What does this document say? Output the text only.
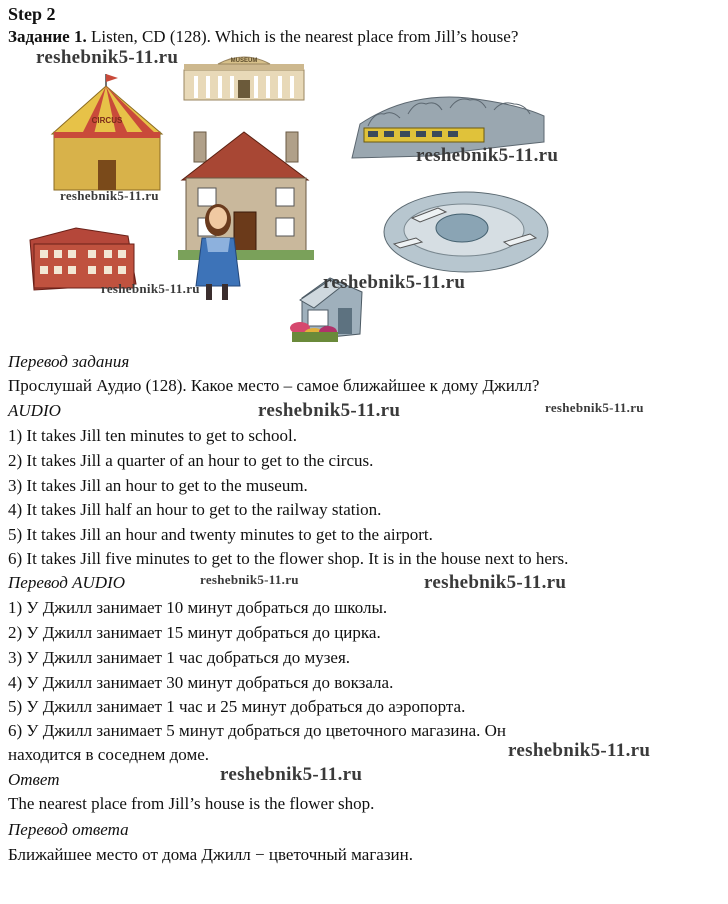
Step 2
Задание 1. Listen, CD (128). Which is the nearest place from Jill’s house?
CIRCUS
MUSEUM
reshebnik5-11.ru
reshebnik5-11.ru
reshebnik5-11.ru
reshebnik5-11.ru
reshebnik5-11.ru
Перевод задания
Прослушай Аудио (128). Какое место – самое ближайшее к дому Джилл?
AUDIO	reshebnik5-11.ru	reshebnik5-11.ru
1) It takes Jill ten minutes to get to school.
2) It takes Jill a quarter of an hour to get to the circus.
3) It takes Jill an hour to get to the museum.
4) It takes Jill half an hour to get to the railway station.
5) It takes Jill an hour and twenty minutes to get to the airport.
6) It takes Jill five minutes to get to the flower shop. It is in the house next to hers.
Перевод AUDIO	reshebnik5-11.ru	reshebnik5-11.ru
1) У Джилл занимает 10 минут добраться до школы.
2) У Джилл занимает 15 минут добраться до цирка.
3) У Джилл занимает 1 час добраться до музея.
4) У Джилл занимает 30 минут добраться до вокзала.
5) У Джилл занимает 1 час и 25 минут добраться до аэропорта.
6) У Джилл занимает 5 минут добраться до цветочного магазина. Он
находится в соседнем доме.	reshebnik5-11.ru
Ответ	reshebnik5-11.ru
The nearest place from Jill’s house is the flower shop.
Перевод ответа
Ближайшее место от дома Джилл − цветочный магазин.
